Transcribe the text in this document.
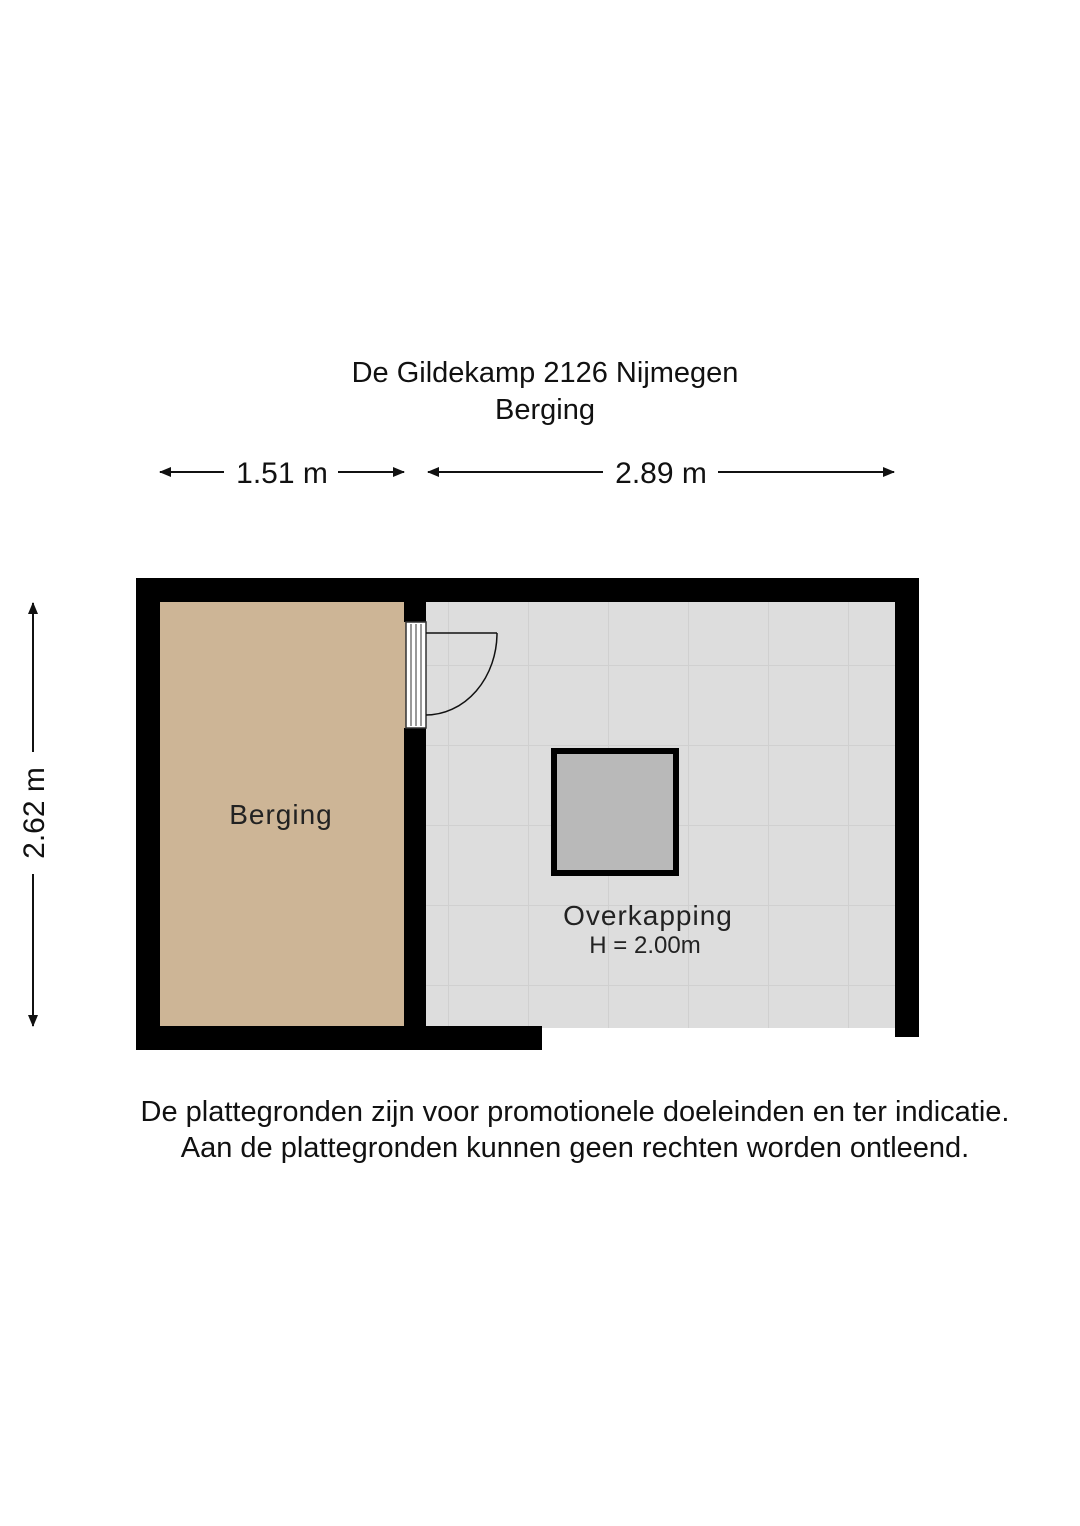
De Gildekamp 2126 Nijmegen
Berging
1.51 m	2.89 m
2.62 m	Berging
Overkapping
H = 2.00m
De plattegronden zijn voor promotionele doeleinden en ter indicatie.
Aan de plattegronden kunnen geen rechten worden ontleend.
